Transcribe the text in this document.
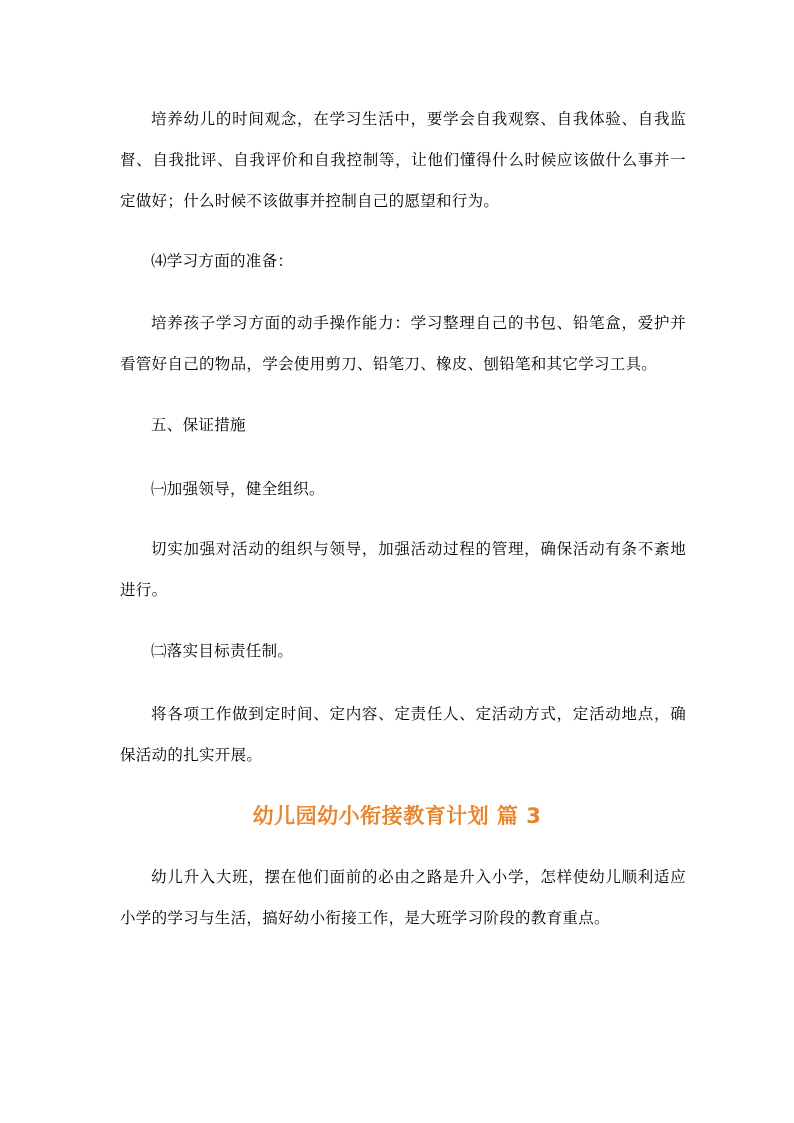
培养幼儿的时间观念，在学习生活中，要学会自我观察、自我体验、自我监督、自我批评、自我评价和自我控制等，让他们懂得什么时候应该做什么事并一定做好；什么时候不该做事并控制自己的愿望和行为。

⑷学习方面的准备：

培养孩子学习方面的动手操作能力：学习整理自己的书包、铅笔盒，爱护并看管好自己的物品，学会使用剪刀、铅笔刀、橡皮、刨铅笔和其它学习工具。

五、保证措施

㈠加强领导，健全组织。

切实加强对活动的组织与领导，加强活动过程的管理，确保活动有条不紊地进行。

㈡落实目标责任制。

将各项工作做到定时间、定内容、定责任人、定活动方式，定活动地点，确保活动的扎实开展。

幼儿园幼小衔接教育计划 篇 3

幼儿升入大班，摆在他们面前的必由之路是升入小学，怎样使幼儿顺利适应小学的学习与生活，搞好幼小衔接工作，是大班学习阶段的教育重点。
